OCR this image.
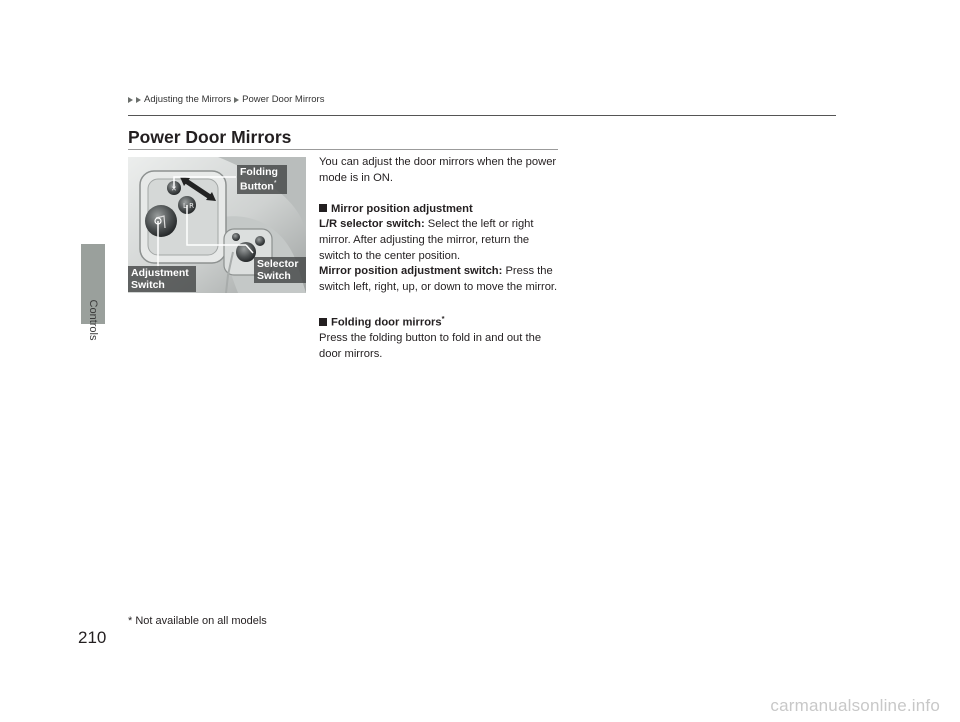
Controls
Adjusting the Mirrors Power Door Mirrors
Power Door Mirrors
✕
L R
Folding
Button*
Selector
Switch
Adjustment
Switch

You can adjust the door mirrors when the power mode is in ON.

Mirror position adjustment

L/R selector switch: Select the left or right mirror. After adjusting the mirror, return the switch to the center position.

Mirror position adjustment switch: Press the switch left, right, up, or down to move the mirror.

Folding door mirrors*

Press the folding button to fold in and out the door mirrors.

210
* Not available on all models
carmanualsonline.info
